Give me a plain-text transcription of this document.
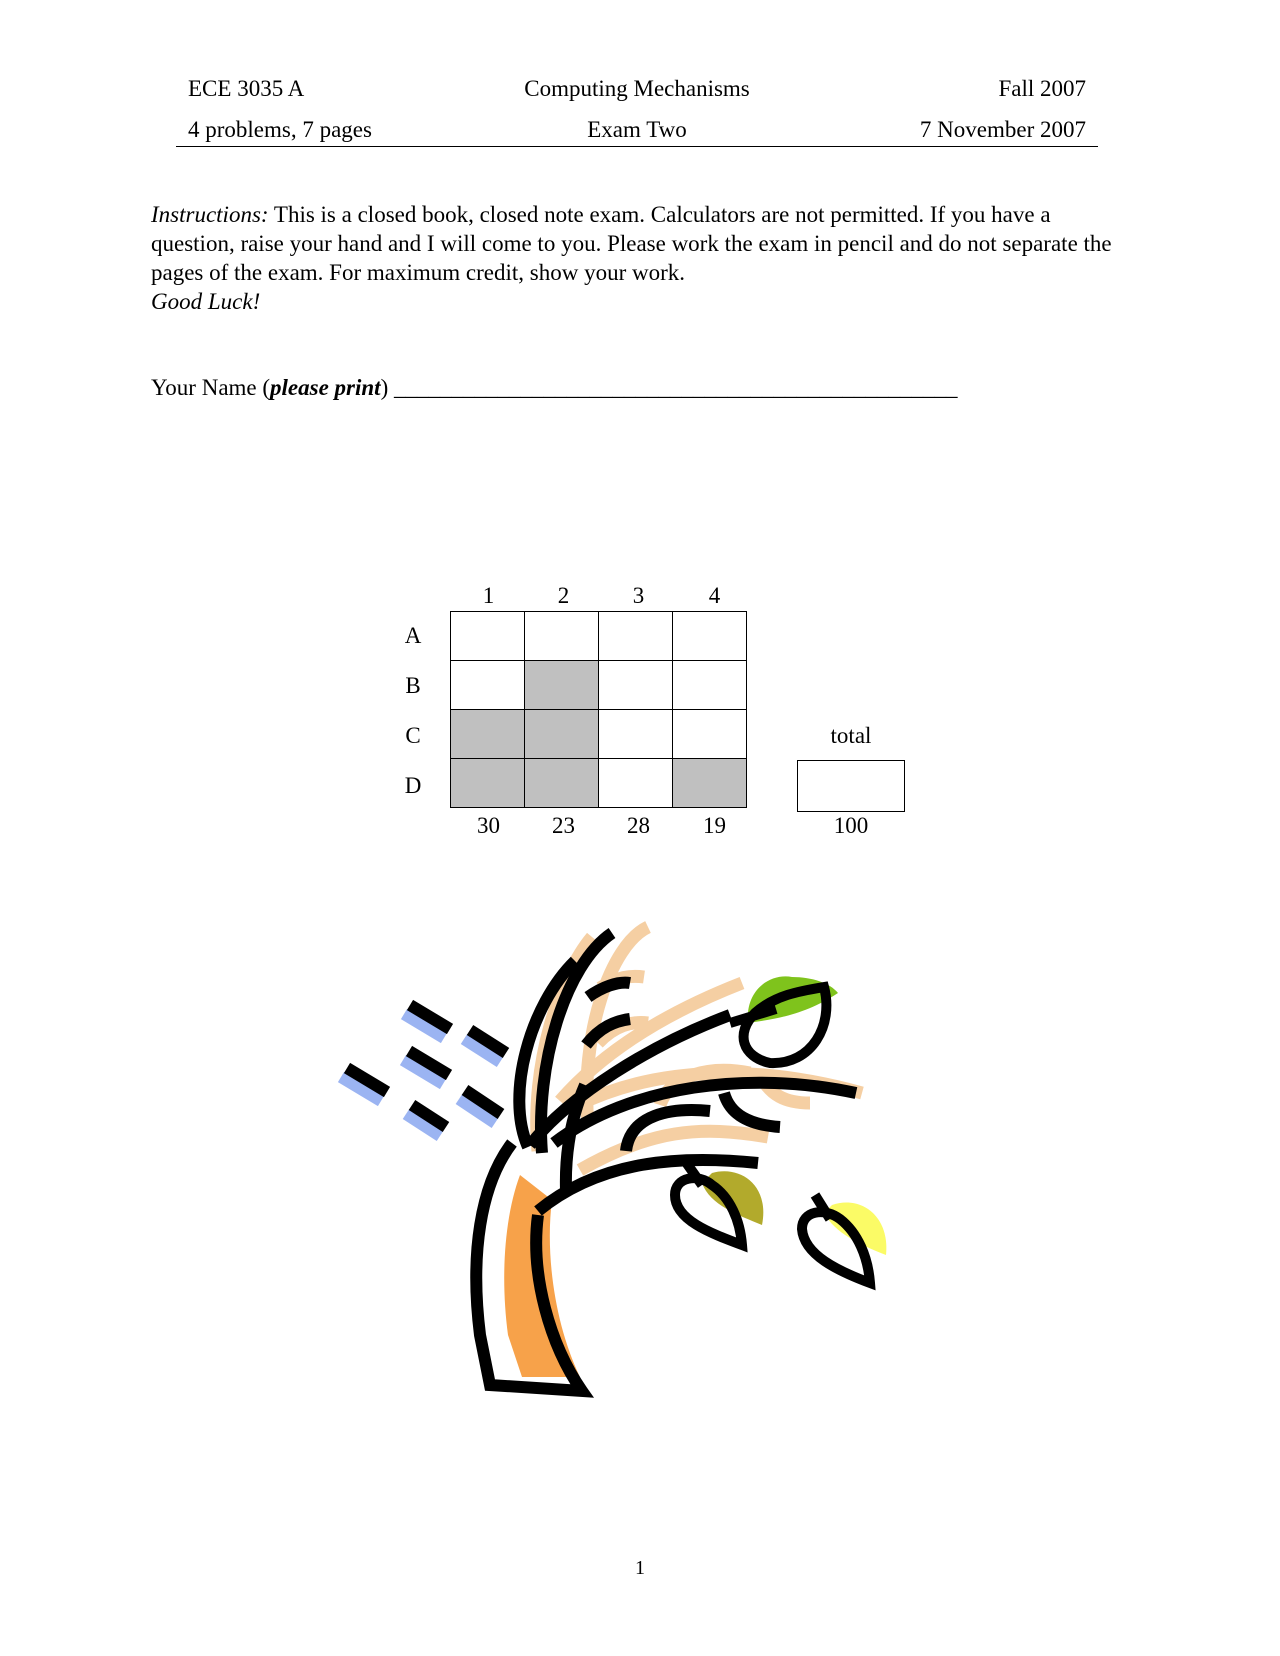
ECE 3035 A	Computing Mechanisms	Fall 2007
4 problems, 7 pages	Exam Two	7 November 2007
Instructions: This is a closed book, closed note exam. Calculators are not permitted. If you have a question, raise your hand and I will come to you. Please work the exam in pencil and do not separate the pages of the exam. For maximum credit, show your work.
Good Luck!
Your Name (please print) _________________________________________________
1	2	3	4
A
B
C
D

30	23	28	19
total
100
1
